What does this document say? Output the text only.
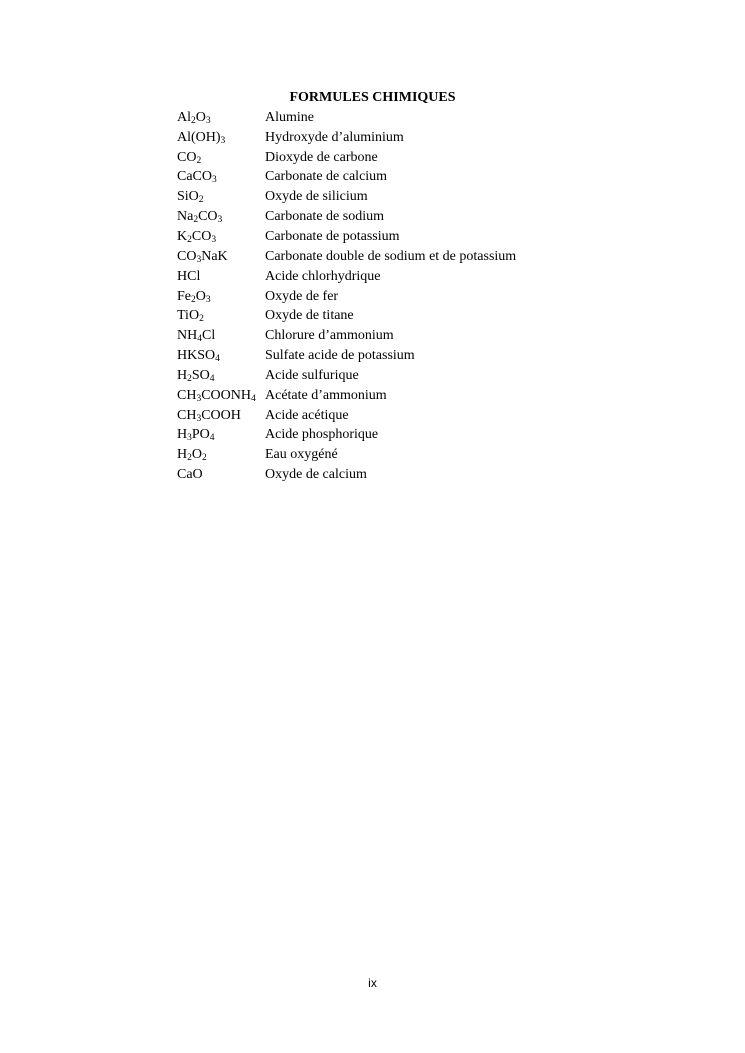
FORMULES CHIMIQUES
$Al_2O_3$	Alumine
$Al(OH)_3$	Hydroxyde d’aluminium
$CO_2$	Dioxyde de carbone
CaCO$_3$	Carbonate de calcium
SiO$_2$	Oxyde de silicium
$Na_2CO_3$	Carbonate de sodium
$K_2CO_3$	Carbonate de potassium
$CO_3NaK$	Carbonate double de sodium et de potassium
HCl	Acide chlorhydrique
$Fe_2O_3$	Oxyde de fer
TiO$_2$	Oxyde de titane
$NH_4Cl$	Chlorure d’ammonium
$HKSO_4$	Sulfate acide de potassium
$H_2SO_4$	Acide sulfurique
$CH_3COONH_4$ Acétate d’ammonium
$CH_3COOH$	Acide acétique
$H_3PO_4$	Acide phosphorique
$H_2O_2$	Eau oxygéné
CaO	Oxyde de calcium
ix
